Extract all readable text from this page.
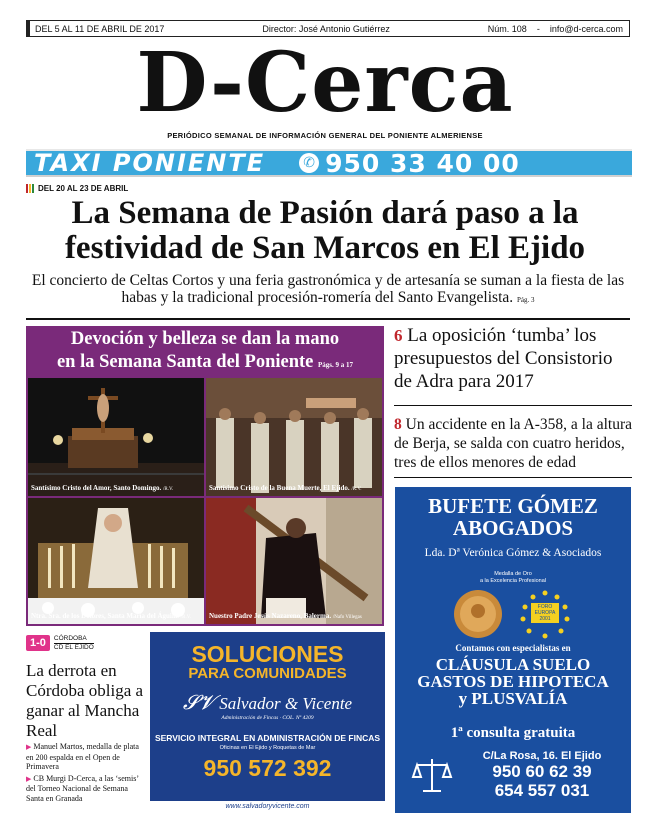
DEL 5 AL 11 DE ABRIL DE 2017	Director: José Antonio Gutiérrez	Núm. 108 - info@d-cerca.com
D-Cerca
PERIÓDICO SEMANAL DE INFORMACIÓN GENERAL DEL PONIENTE ALMERIENSE
TAXI PONIENTE	✆ 950 33 40 00
DEL 20 AL 23 DE ABRIL
La Semana de Pasión dará paso a la festividad de San Marcos en El Ejido
El concierto de Celtas Cortos y una feria gastronómica y de artesanía se suman a la fiesta de las habas y la tradicional procesión-romería del Santo Evangelista. Pág. 3
Devoción y belleza se dan la mano
en la Semana Santa del Poniente Págs. 9 a 17
Santísimo Cristo del Amor, Santo Domingo. /R.V.	Santísimo Cristo de la Buena Muerte, El Ejido. /R.V.
Ntra. Sra. de los Dolores, Santa María del Águila. /R.V.	Nuestro Padre Jesús Nazareno, Balerma. /Nafo Villegas
6 La oposición ‘tumba’ los presupuestos del Consistorio de Adra para 2017
8 Un accidente en la A-358, a la altura de Berja, se salda con cuatro heridos, tres de ellos menores de edad
BUFETE GÓMEZ
ABOGADOS
Lda. Dª Verónica Gómez & Asociados
Medalla de Oro
a la Excelencia Profesional
FORO EUROPA 2001
Contamos con especialistas en
CLÁUSULA SUELO
GASTOS DE HIPOTECA
y PLUSVALÍA
1ª consulta gratuita
C/La Rosa, 16. El Ejido
950 60 62 39
654 557 031
1-0	CÓRDOBA
CD EL EJIDO
La derrota en Córdoba obliga a ganar al Mancha Real
▶ Manuel Martos, medalla de plata en 200 espalda en el Open de Primavera
▶ CB Murgi D-Cerca, a las ‘semis’ del Torneo Nacional de Semana Santa en Granada
SOLUCIONES
PARA COMUNIDADES
𝓢𝓥 Salvador & Vicente
Administración de Fincas · COL. Nº 4209
SERVICIO INTEGRAL EN ADMINISTRACIÓN DE FINCAS
Oficinas en El Ejido y Roquetas de Mar
950 572 392
www.salvadoryvicente.com
